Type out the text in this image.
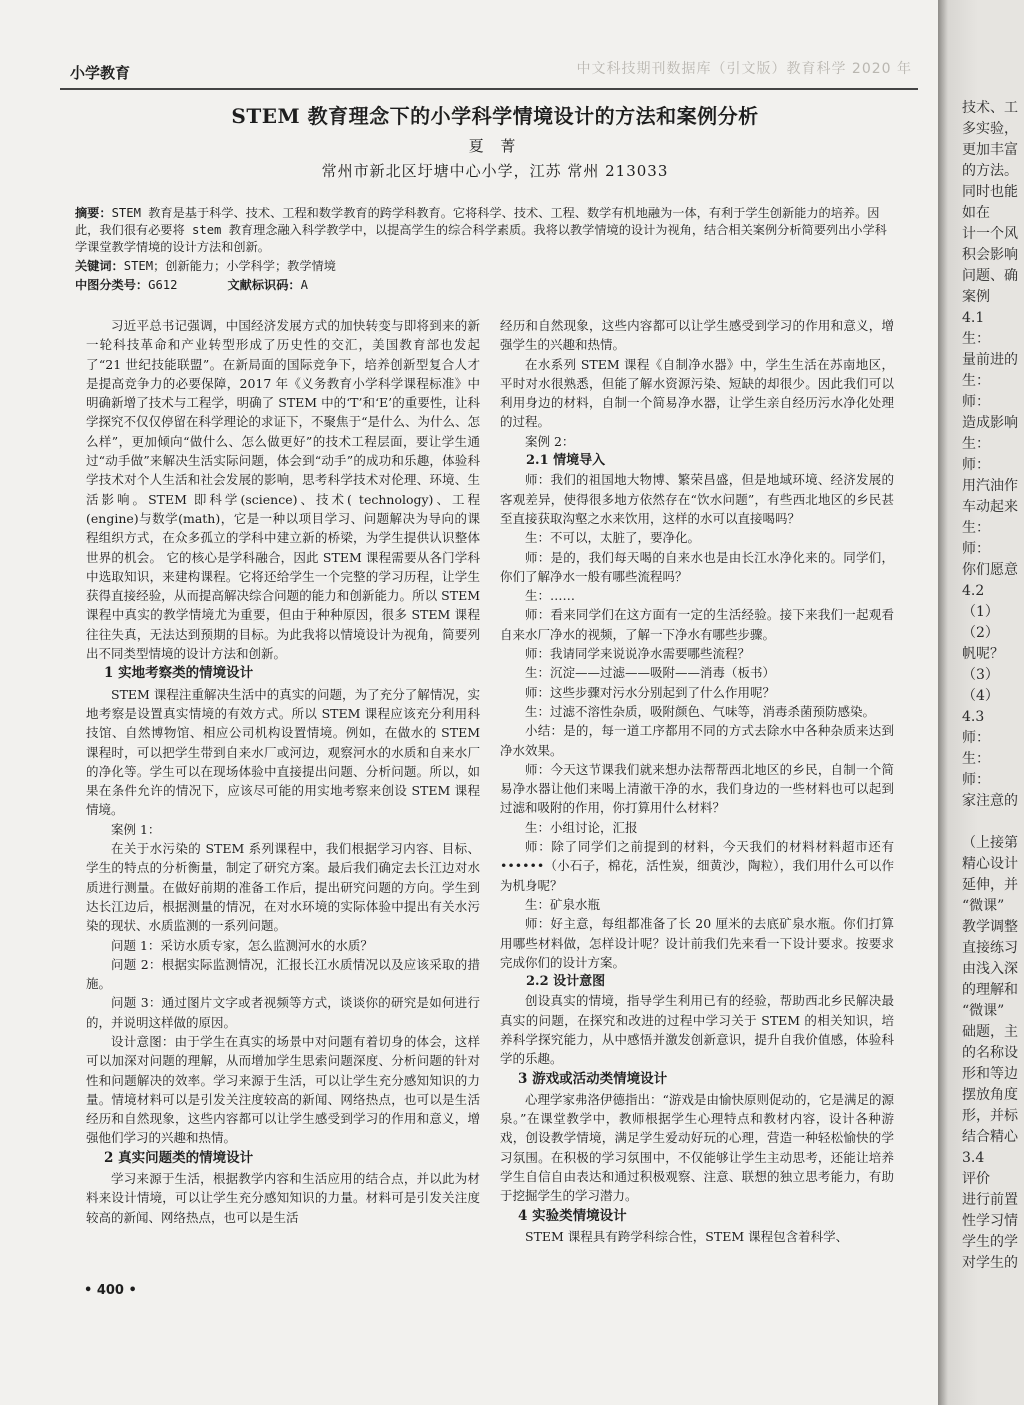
小学教育	中文科技期刊数据库（引文版）教育科学 2020 年
STEM 教育理念下的小学科学情境设计的方法和案例分析
夏 菁
常州市新北区圩塘中心小学，江苏 常州 213033
摘要：STEM 教育是基于科学、技术、工程和数学教育的跨学科教育。它将科学、技术、工程、数学有机地融为一体，有利于学生创新能力的培养。因此，我们很有必要将 stem 教育理念融入科学教学中，以提高学生的综合科学素质。我将以教学情境的设计为视角，结合相关案例分析简要列出小学科学课堂教学情境的设计方法和创新。
关键词：STEM；创新能力；小学科学；教学情境
中图分类号：G612	文献标识码：A

习近平总书记强调，中国经济发展方式的加快转变与即将到来的新一轮科技革命和产业转型形成了历史性的交汇，美国教育部也发起了“21 世纪技能联盟”。在新局面的国际竞争下，培养创新型复合人才是提高竞争力的必要保障，2017 年《义务教育小学科学课程标准》中明确新增了技术与工程学，明确了 STEM 中的‘T’和‘E’的重要性，让科学探究不仅仅停留在科学理论的求证下，不聚焦于“是什么、为什么、怎么样”，更加倾向“做什么、怎么做更好”的技术工程层面，要让学生通过“动手做”来解决生活实际问题，体会到“动手”的成功和乐趣，体验科学技术对个人生活和社会发展的影响，思考科学技术对伦理、环境、生活影响。STEM 即科学(science)、技术( technology)、工程(engine)与数学(math)，它是一种以项目学习、问题解决为导向的课程组织方式，在众多孤立的学科中建立新的桥梁，为学生提供认识整体世界的机会。 它的核心是学科融合，因此 STEM 课程需要从各门学科中选取知识，来建构课程。它将还给学生一个完整的学习历程，让学生获得直接经验，从而提高解决综合问题的能力和创新能力。所以 STEM 课程中真实的教学情境尤为重要，但由于种种原因，很多 STEM 课程往往失真，无法达到预期的目标。为此我将以情境设计为视角，简要列出不同类型情境的设计方法和创新。

1 实地考察类的情境设计

STEM 课程注重解决生活中的真实的问题，为了充分了解情况，实地考察是设置真实情境的有效方式。所以 STEM 课程应该充分利用科技馆、自然博物馆、相应公司机构设置情境。例如，在做水的 STEM 课程时，可以把学生带到自来水厂或河边，观察河水的水质和自来水厂的净化等。学生可以在现场体验中直接提出问题、分析问题。所以，如果在条件允许的情况下，应该尽可能的用实地考察来创设 STEM 课程情境。

案例 1：

在关于水污染的 STEM 系列课程中，我们根据学习内容、目标、学生的特点的分析衡量，制定了研究方案。最后我们确定去长江边对水质进行测量。在做好前期的准备工作后，提出研究问题的方向。学生到达长江边后，根据测量的情况，在对水环境的实际体验中提出有关水污染的现状、水质监测的一系列问题。

问题 1：采访水质专家，怎么监测河水的水质？

问题 2：根据实际监测情况，汇报长江水质情况以及应该采取的措施。

问题 3：通过图片文字或者视频等方式，谈谈你的研究是如何进行的，并说明这样做的原因。

设计意图：由于学生在真实的场景中对问题有着切身的体会，这样可以加深对问题的理解，从而增加学生思索问题深度、分析问题的针对性和问题解决的效率。学习来源于生活，可以让学生充分感知知识的力量。情境材料可以是引发关注度较高的新闻、网络热点，也可以是生活经历和自然现象，这些内容都可以让学生感受到学习的作用和意义，增强他们学习的兴趣和热情。

2 真实问题类的情境设计

学习来源于生活，根据教学内容和生活应用的结合点，并以此为材料来设计情境，可以让学生充分感知知识的力量。材料可是引发关注度较高的新闻、网络热点，也可以是生活

经历和自然现象，这些内容都可以让学生感受到学习的作用和意义，增强学生的兴趣和热情。

在水系列 STEM 课程《自制净水器》中，学生生活在苏南地区，平时对水很熟悉，但能了解水资源污染、短缺的却很少。因此我们可以利用身边的材料，自制一个简易净水器，让学生亲自经历污水净化处理的过程。

案例 2：

2.1 情境导入

师：我们的祖国地大物博、繁荣昌盛，但是地域环境、经济发展的客观差异，使得很多地方依然存在“饮水问题”，有些西北地区的乡民甚至直接获取沟壑之水来饮用，这样的水可以直接喝吗？

生：不可以，太脏了，要净化。

师：是的，我们每天喝的自来水也是由长江水净化来的。同学们，你们了解净水一般有哪些流程吗？

生：……

师：看来同学们在这方面有一定的生活经验。接下来我们一起观看自来水厂净水的视频，了解一下净水有哪些步骤。

师：我请同学来说说净水需要哪些流程？

生：沉淀——过滤——吸附——消毒（板书）

师：这些步骤对污水分别起到了什么作用呢？

生：过滤不溶性杂质，吸附颜色、气味等，消毒杀菌预防感染。

小结：是的，每一道工序都用不同的方式去除水中各种杂质来达到净水效果。

师：今天这节课我们就来想办法帮帮西北地区的乡民，自制一个简易净水器让他们来喝上清澈干净的水，我们身边的一些材料也可以起到过滤和吸附的作用，你打算用什么材料？

生：小组讨论，汇报

师：除了同学们之前提到的材料，今天我们的材料材料超市还有 ••••••（小石子，棉花，活性炭，细黄沙，陶粒），我们用什么可以作为机身呢？

生：矿泉水瓶

师：好主意，每组都准备了长 20 厘米的去底矿泉水瓶。你们打算用哪些材料做，怎样设计呢？设计前我们先来看一下设计要求。按要求完成你们的设计方案。

2.2 设计意图

创设真实的情境，指导学生利用已有的经验，帮助西北乡民解决最真实的问题，在探究和改进的过程中学习关于 STEM 的相关知识，培养科学探究能力，从中感悟并激发创新意识，提升自我价值感，体验科学的乐趣。

3 游戏或活动类情境设计

心理学家弗洛伊德指出：“游戏是由愉快原则促动的，它是满足的源泉。”在课堂教学中，教师根据学生心理特点和教材内容，设计各种游戏，创设教学情境，满足学生爱动好玩的心理，营造一种轻松愉快的学习氛围。在积极的学习氛围中，不仅能够让学生主动思考，还能让培养学生自信自由表达和通过积极观察、注意、联想的独立思考能力，有助于挖掘学生的学习潜力。

4 实验类情境设计

STEM 课程具有跨学科综合性，STEM 课程包含着科学、

• 400 •
技术、工
多实验，
更加丰富
的方法。
同时也能
如在
计一个风
积会影响
问题、确
案例
4.1
生：
量前进的
生：
师：
造成影响
生：
师：
用汽油作
车动起来
生：
师：
你们愿意
4.2
（1）
（2）
帆呢？
（3）
（4）
4.3
师：
生：
师：
家注意的
（上接第
精心设计
延伸，并
“微课”
教学调整
直接练习
由浅入深
的理解和
“微课”
础题，主
的名称设
形和等边
摆放角度
形，并标
结合精心
3.4
评价
进行前置
性学习情
学生的学
对学生的
